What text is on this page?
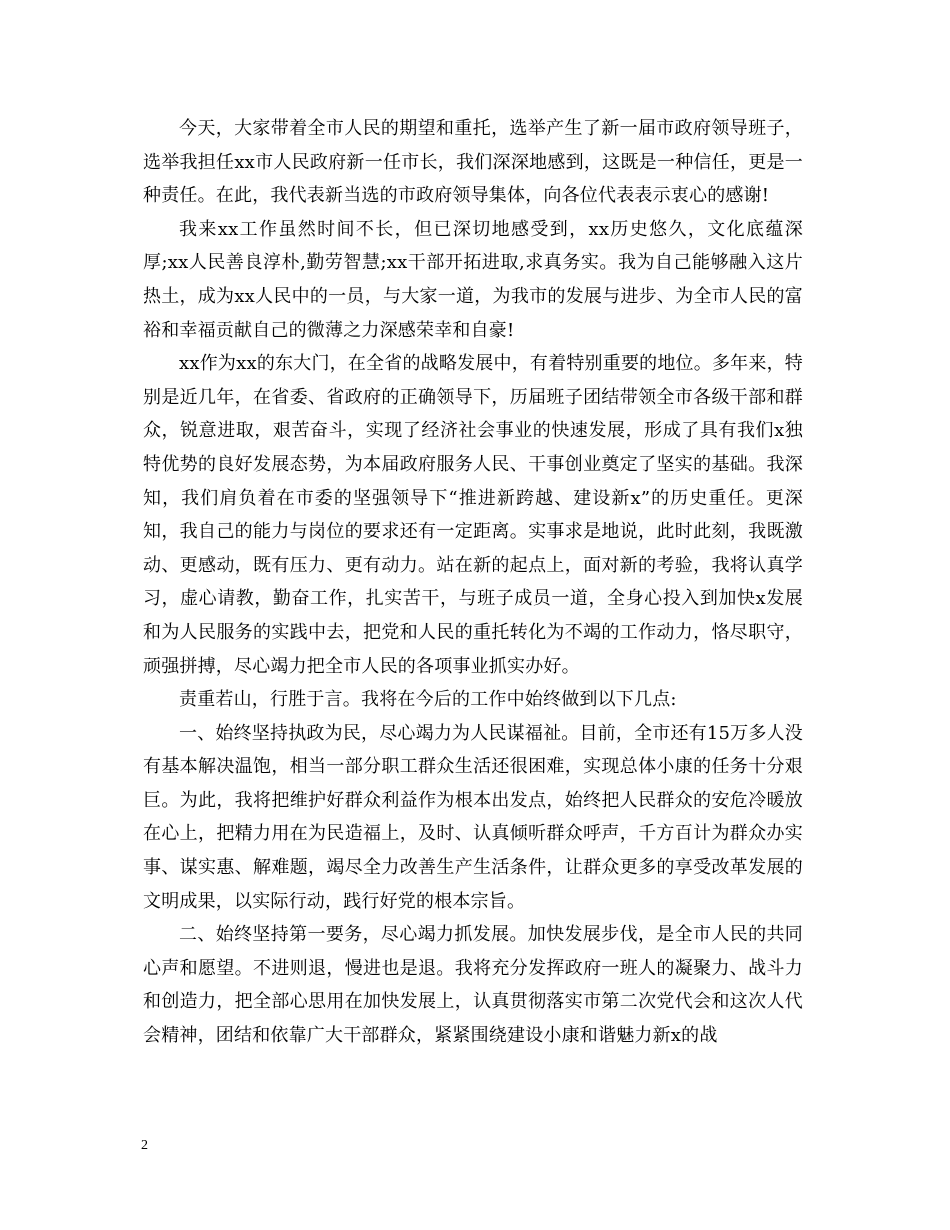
今天，大家带着全市人民的期望和重托，选举产生了新一届市政府领导班子，选举我担任xx市人民政府新一任市长，我们深深地感到，这既是一种信任，更是一种责任。在此，我代表新当选的市政府领导集体，向各位代表表示衷心的感谢!

我来xx工作虽然时间不长，但已深切地感受到，xx历史悠久，文化底蕴深厚;xx人民善良淳朴,勤劳智慧;xx干部开拓进取,求真务实。我为自己能够融入这片热土，成为xx人民中的一员，与大家一道，为我市的发展与进步、为全市人民的富裕和幸福贡献自己的微薄之力深感荣幸和自豪!

xx作为xx的东大门，在全省的战略发展中，有着特别重要的地位。多年来，特别是近几年，在省委、省政府的正确领导下，历届班子团结带领全市各级干部和群众，锐意进取，艰苦奋斗，实现了经济社会事业的快速发展，形成了具有我们x独特优势的良好发展态势，为本届政府服务人民、干事创业奠定了坚实的基础。我深知，我们肩负着在市委的坚强领导下“推进新跨越、建设新x”的历史重任。更深知，我自己的能力与岗位的要求还有一定距离。实事求是地说，此时此刻，我既激动、更感动，既有压力、更有动力。站在新的起点上，面对新的考验，我将认真学习，虚心请教，勤奋工作，扎实苦干，与班子成员一道，全身心投入到加快x发展和为人民服务的实践中去，把党和人民的重托转化为不竭的工作动力，恪尽职守，顽强拼搏，尽心竭力把全市人民的各项事业抓实办好。

责重若山，行胜于言。我将在今后的工作中始终做到以下几点:

一、始终坚持执政为民，尽心竭力为人民谋福祉。目前，全市还有15万多人没有基本解决温饱，相当一部分职工群众生活还很困难，实现总体小康的任务十分艰巨。为此，我将把维护好群众利益作为根本出发点，始终把人民群众的安危冷暖放在心上，把精力用在为民造福上，及时、认真倾听群众呼声，千方百计为群众办实事、谋实惠、解难题，竭尽全力改善生产生活条件，让群众更多的享受改革发展的文明成果，以实际行动，践行好党的根本宗旨。

二、始终坚持第一要务，尽心竭力抓发展。加快发展步伐，是全市人民的共同心声和愿望。不进则退，慢进也是退。我将充分发挥政府一班人的凝聚力、战斗力和创造力，把全部心思用在加快发展上，认真贯彻落实市第二次党代会和这次人代会精神，团结和依靠广大干部群众，紧紧围绕建设小康和谐魅力新x的战

2
